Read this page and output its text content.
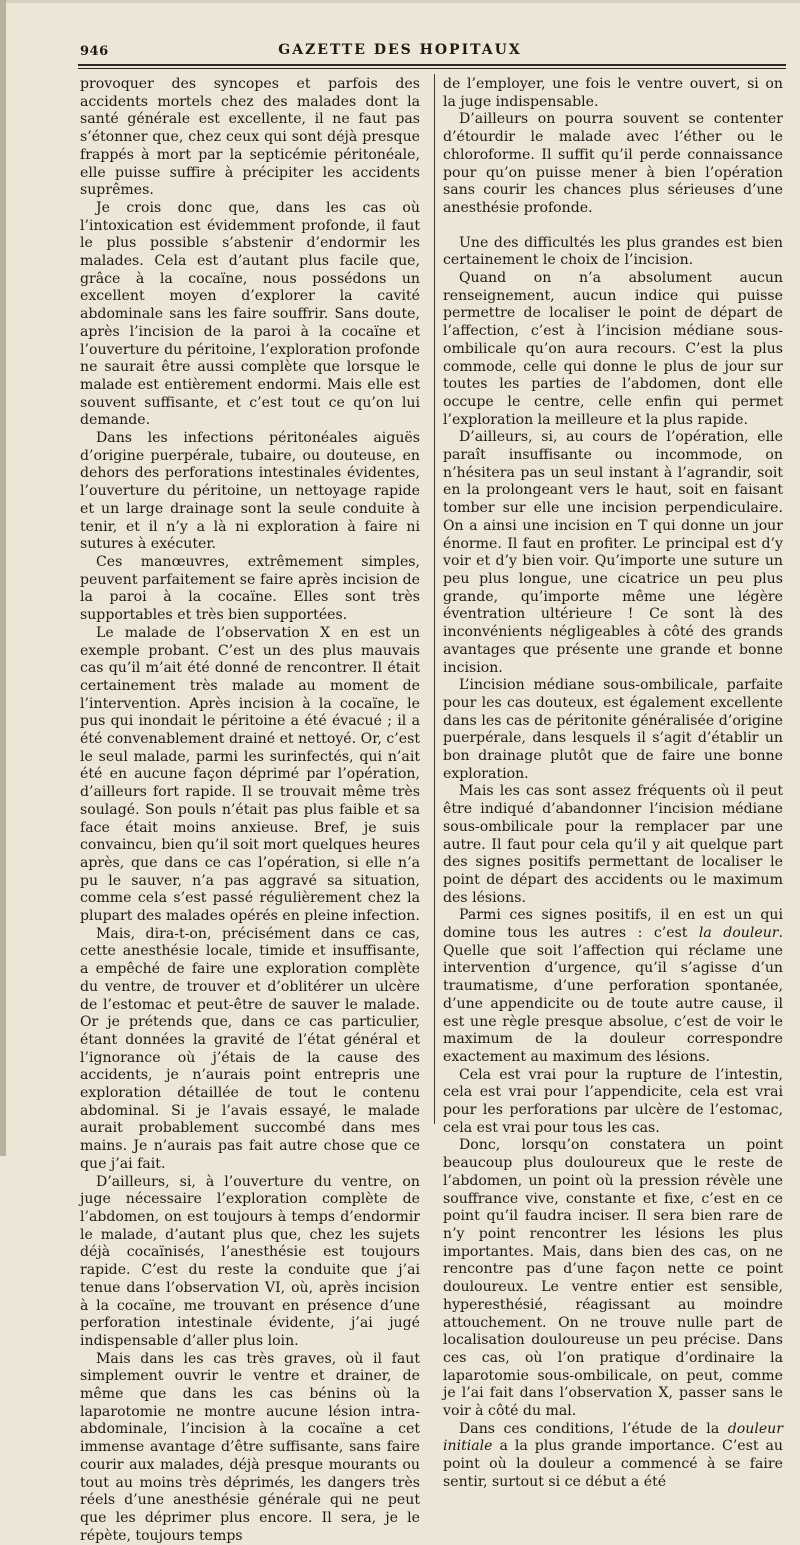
946	GAZETTE DES HOPITAUX

provoquer des syncopes et parfois des accidents mortels chez des malades dont la santé générale est excellente, il ne faut pas s’étonner que, chez ceux qui sont déjà presque frappés à mort par la septicémie péritonéale, elle puisse suffire à précipiter les accidents suprêmes.

Je crois donc que, dans les cas où l’intoxication est évidemment profonde, il faut le plus possible s’abstenir d’endormir les malades. Cela est d’autant plus facile que, grâce à la cocaïne, nous possédons un excellent moyen d’explorer la cavité abdominale sans les faire souffrir. Sans doute, après l’incision de la paroi à la cocaïne et l’ouverture du péritoine, l’exploration profonde ne saurait être aussi complète que lorsque le malade est entièrement endormi. Mais elle est souvent suffisante, et c’est tout ce qu’on lui demande.

Dans les infections péritonéales aiguës d’origine puerpérale, tubaire, ou douteuse, en dehors des perforations intestinales évidentes, l’ouverture du péritoine, un nettoyage rapide et un large drainage sont la seule conduite à tenir, et il n’y a là ni exploration à faire ni sutures à exécuter.

Ces manœuvres, extrêmement simples, peuvent parfaitement se faire après incision de la paroi à la cocaïne. Elles sont très supportables et très bien supportées.

Le malade de l’observation X en est un exemple probant. C’est un des plus mauvais cas qu’il m’ait été donné de rencontrer. Il était certainement très malade au moment de l’intervention. Après incision à la cocaïne, le pus qui inondait le péritoine a été évacué ; il a été convenablement drainé et nettoyé. Or, c’est le seul malade, parmi les surinfectés, qui n’ait été en aucune façon déprimé par l’opération, d’ailleurs fort rapide. Il se trouvait même très soulagé. Son pouls n’était pas plus faible et sa face était moins anxieuse. Bref, je suis convaincu, bien qu’il soit mort quelques heures après, que dans ce cas l’opération, si elle n’a pu le sauver, n’a pas aggravé sa situation, comme cela s’est passé régulièrement chez la plupart des malades opérés en pleine infection.

Mais, dira-t-on, précisément dans ce cas, cette anesthésie locale, timide et insuffisante, a empêché de faire une exploration complète du ventre, de trouver et d’oblitérer un ulcère de l’estomac et peut-être de sauver le malade. Or je prétends que, dans ce cas particulier, étant données la gravité de l’état général et l’ignorance où j’étais de la cause des accidents, je n’aurais point entrepris une exploration détaillée de tout le contenu abdominal. Si je l’avais essayé, le malade aurait probablement succombé dans mes mains. Je n’aurais pas fait autre chose que ce que j’ai fait.

D’ailleurs, si, à l’ouverture du ventre, on juge nécessaire l’exploration complète de l’abdomen, on est toujours à temps d’endormir le malade, d’autant plus que, chez les sujets déjà cocaïnisés, l’anesthésie est toujours rapide. C’est du reste la conduite que j’ai tenue dans l’observation VI, où, après incision à la cocaïne, me trouvant en présence d’une perforation intestinale évidente, j’ai jugé indispensable d’aller plus loin.

Mais dans les cas très graves, où il faut simplement ouvrir le ventre et drainer, de même que dans les cas bénins où la laparotomie ne montre aucune lésion intra-abdominale, l’incision à la cocaïne a cet immense avantage d’être suffisante, sans faire courir aux malades, déjà presque mourants ou tout au moins très déprimés, les dangers très réels d’une anesthésie générale qui ne peut que les déprimer plus encore. Il sera, je le répète, toujours temps

de l’employer, une fois le ventre ouvert, si on la juge indispensable.

D’ailleurs on pourra souvent se contenter d’étourdir le malade avec l’éther ou le chloroforme. Il suffit qu’il perde connaissance pour qu’on puisse mener à bien l’opération sans courir les chances plus sérieuses d’une anesthésie profonde.

Une des difficultés les plus grandes est bien certainement le choix de l’incision.

Quand on n’a absolument aucun renseignement, aucun indice qui puisse permettre de localiser le point de départ de l’affection, c’est à l’incision médiane sous-ombilicale qu’on aura recours. C’est la plus commode, celle qui donne le plus de jour sur toutes les parties de l’abdomen, dont elle occupe le centre, celle enfin qui permet l’exploration la meilleure et la plus rapide.

D’ailleurs, si, au cours de l’opération, elle paraît insuffisante ou incommode, on n’hésitera pas un seul instant à l’agrandir, soit en la prolongeant vers le haut, soit en faisant tomber sur elle une incision perpendiculaire. On a ainsi une incision en T qui donne un jour énorme. Il faut en profiter. Le principal est d’y voir et d’y bien voir. Qu’importe une suture un peu plus longue, une cicatrice un peu plus grande, qu’importe même une légère éventration ultérieure ! Ce sont là des inconvénients négligeables à côté des grands avantages que présente une grande et bonne incision.

L’incision médiane sous-ombilicale, parfaite pour les cas douteux, est également excellente dans les cas de péritonite généralisée d’origine puerpérale, dans lesquels il s’agit d’établir un bon drainage plutôt que de faire une bonne exploration.

Mais les cas sont assez fréquents où il peut être indiqué d’abandonner l’incision médiane sous-ombilicale pour la remplacer par une autre. Il faut pour cela qu’il y ait quelque part des signes positifs permettant de localiser le point de départ des accidents ou le maximum des lésions.

Parmi ces signes positifs, il en est un qui domine tous les autres : c’est la douleur. Quelle que soit l’affection qui réclame une intervention d’urgence, qu’il s’agisse d’un traumatisme, d’une perforation spontanée, d’une appendicite ou de toute autre cause, il est une règle presque absolue, c’est de voir le maximum de la douleur correspondre exactement au maximum des lésions.

Cela est vrai pour la rupture de l’intestin, cela est vrai pour l’appendicite, cela est vrai pour les perforations par ulcère de l’estomac, cela est vrai pour tous les cas.

Donc, lorsqu’on constatera un point beaucoup plus douloureux que le reste de l’abdomen, un point où la pression révèle une souffrance vive, constante et fixe, c’est en ce point qu’il faudra inciser. Il sera bien rare de n’y point rencontrer les lésions les plus importantes. Mais, dans bien des cas, on ne rencontre pas d’une façon nette ce point douloureux. Le ventre entier est sensible, hyperesthésié, réagissant au moindre attouchement. On ne trouve nulle part de localisation douloureuse un peu précise. Dans ces cas, où l’on pratique d’ordinaire la laparotomie sous-ombilicale, on peut, comme je l’ai fait dans l’observation X, passer sans le voir à côté du mal.

Dans ces conditions, l’étude de la douleur initiale a la plus grande importance. C’est au point où la douleur a commencé à se faire sentir, surtout si ce début a été
